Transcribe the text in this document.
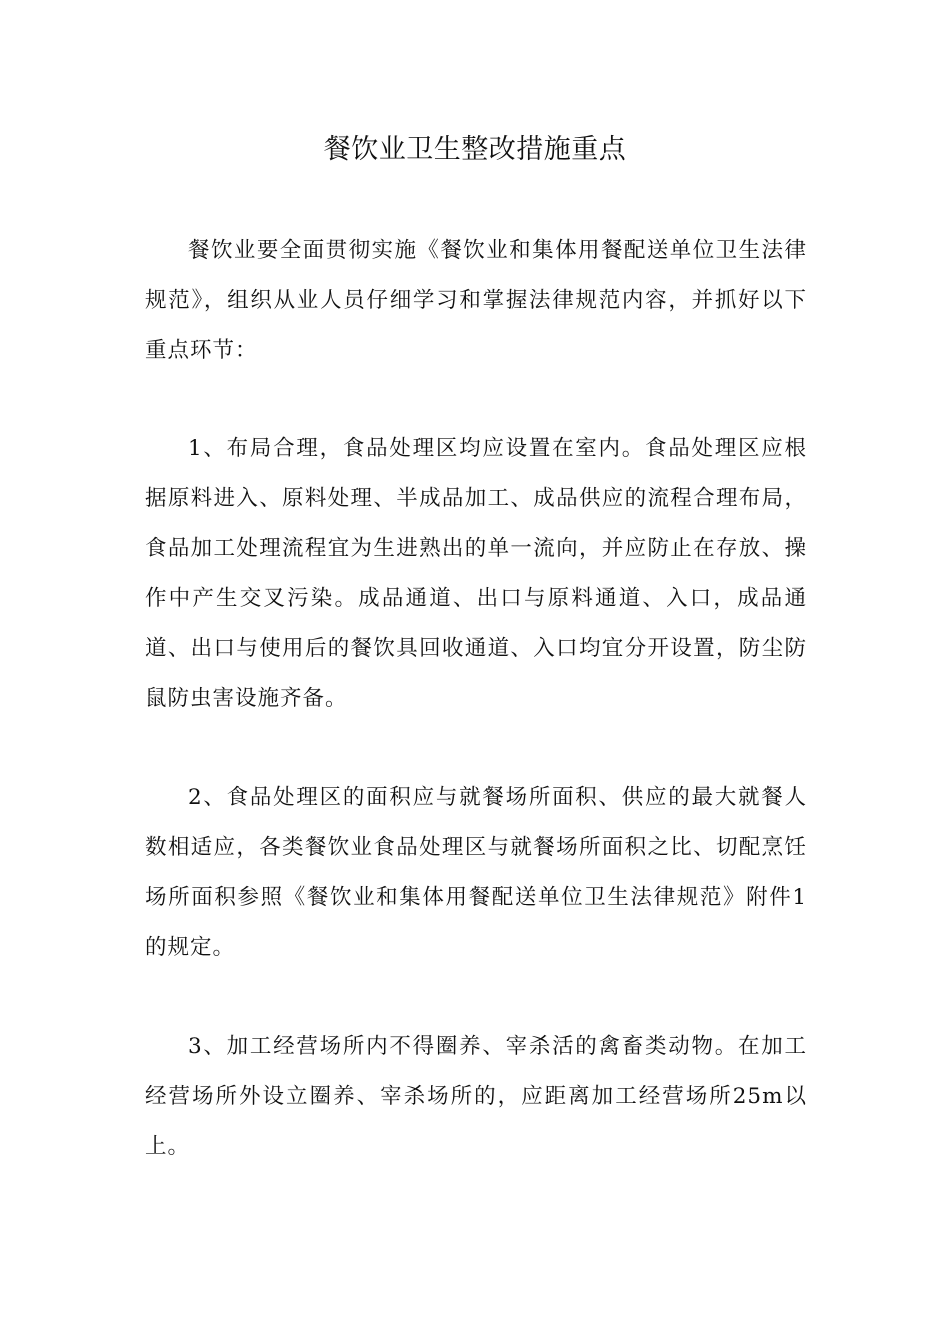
餐饮业卫生整改措施重点

餐饮业要全面贯彻实施《餐饮业和集体用餐配送单位卫生法律规范》，组织从业人员仔细学习和掌握法律规范内容，并抓好以下重点环节：

1、布局合理，食品处理区均应设置在室内。食品处理区应根据原料进入、原料处理、半成品加工、成品供应的流程合理布局，食品加工处理流程宜为生进熟出的单一流向，并应防止在存放、操作中产生交叉污染。成品通道、出口与原料通道、入口，成品通道、出口与使用后的餐饮具回收通道、入口均宜分开设置，防尘防鼠防虫害设施齐备。

2、食品处理区的面积应与就餐场所面积、供应的最大就餐人数相适应，各类餐饮业食品处理区与就餐场所面积之比、切配烹饪场所面积参照《餐饮业和集体用餐配送单位卫生法律规范》附件1的规定。

3、加工经营场所内不得圈养、宰杀活的禽畜类动物。在加工经营场所外设立圈养、宰杀场所的，应距离加工经营场所25m以上。
